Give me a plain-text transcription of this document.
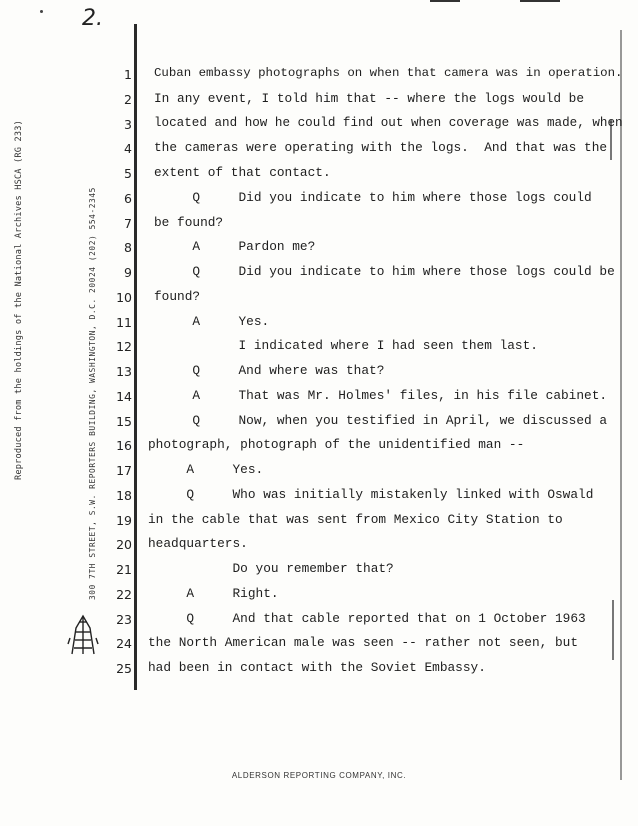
2.
Reproduced from the holdings of the National Archives HSCA (RG 233)	300 7TH STREET, S.W. REPORTERS BUILDING, WASHINGTON, D.C. 20024 (202) 554-2345
1 Cuban embassy photographs on when that camera was in operation.
2 In any event, I told him that -- where the logs would be
3 located and how he could find out when coverage was made, when
4 the cameras were operating with the logs.  And that was the
5 extent of that contact.
6 Q     Did you indicate to him where those logs could
7 be found?
8 A     Pardon me?
9 Q     Did you indicate to him where those logs could be
10 found?
11 A     Yes.
12 I indicated where I had seen them last.
13 Q     And where was that?
14 A     That was Mr. Holmes' files, in his file cabinet.
15 Q     Now, when you testified in April, we discussed a
16 photograph, photograph of the unidentified man --
17 A     Yes.
18 Q     Who was initially mistakenly linked with Oswald
19 in the cable that was sent from Mexico City Station to
20 headquarters.
21 Do you remember that?
22 A     Right.
23 Q     And that cable reported that on 1 October 1963
24 the North American male was seen -- rather not seen, but
25 had been in contact with the Soviet Embassy.
ALDERSON REPORTING COMPANY, INC.
